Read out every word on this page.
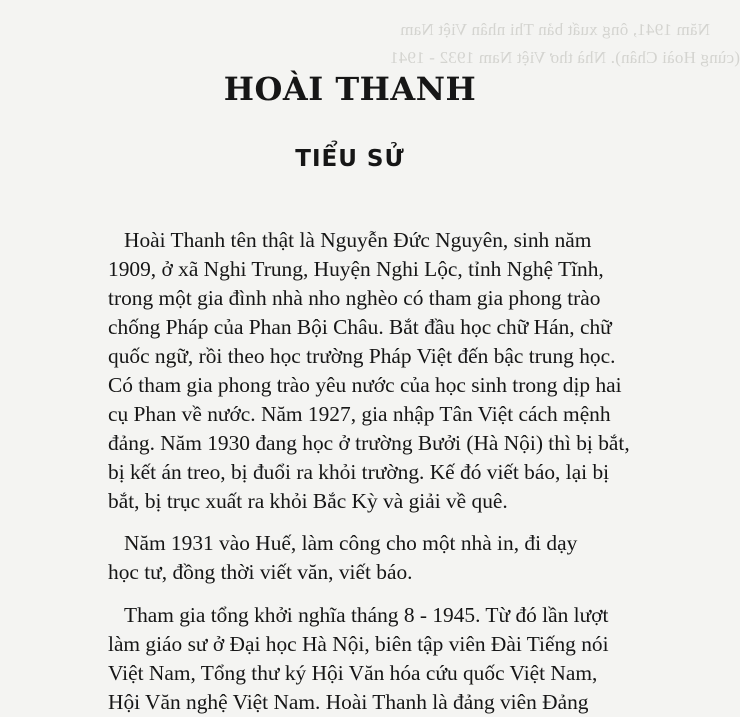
Năm 1941, ông xuất bản Thi nhân Việt Nam
(cùng Hoài Chân). Nhà thơ Việt Nam 1932 - 1941
HOÀI THANH
TIỂU SỬ
Hoài Thanh tên thật là Nguyễn Đức Nguyên, sinh năm
1909, ở xã Nghi Trung, Huyện Nghi Lộc, tỉnh Nghệ Tĩnh,
trong một gia đình nhà nho nghèo có tham gia phong trào
chống Pháp của Phan Bội Châu. Bắt đầu học chữ Hán, chữ
quốc ngữ, rồi theo học trường Pháp Việt đến bậc trung học.
Có tham gia phong trào yêu nước của học sinh trong dịp hai
cụ Phan về nước. Năm 1927, gia nhập Tân Việt cách mệnh
đảng. Năm 1930 đang học ở trường Bưởi (Hà Nội) thì bị bắt,
bị kết án treo, bị đuổi ra khỏi trường. Kế đó viết báo, lại bị
bắt, bị trục xuất ra khỏi Bắc Kỳ và giải về quê.
Năm 1931 vào Huế, làm công cho một nhà in, đi dạy
học tư, đồng thời viết văn, viết báo.
Tham gia tổng khởi nghĩa tháng 8 - 1945. Từ đó lần lượt
làm giáo sư ở Đại học Hà Nội, biên tập viên Đài Tiếng nói
Việt Nam, Tổng thư ký Hội Văn hóa cứu quốc Việt Nam,
Hội Văn nghệ Việt Nam. Hoài Thanh là đảng viên Đảng
